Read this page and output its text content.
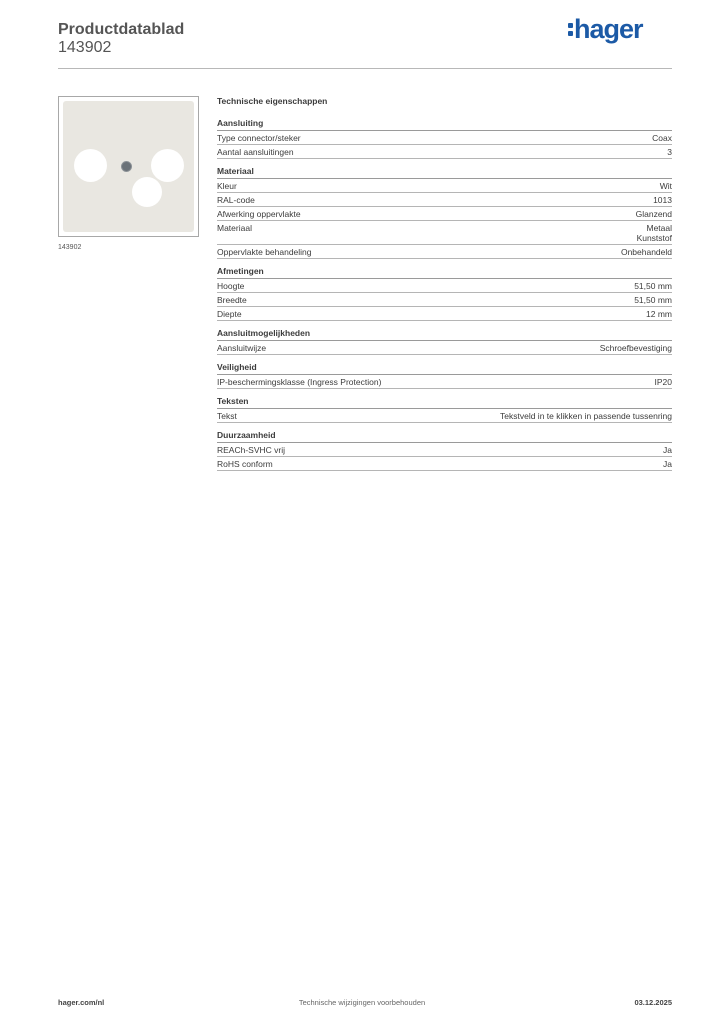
Productdatablad
143902
hager
143902
Technische eigenschappen
Aansluiting
Type connector/steker	Coax
Aantal aansluitingen	3
Materiaal
Kleur	Wit
RAL-code	1013
Afwerking oppervlakte	Glanzend
Materiaal	Metaal
Kunststof
Oppervlakte behandeling	Onbehandeld
Afmetingen
Hoogte	51,50 mm
Breedte	51,50 mm
Diepte	12 mm
Aansluitmogelijkheden
Aansluitwijze	Schroefbevestiging
Veiligheid
IP-beschermingsklasse (Ingress Protection)	IP20
Teksten
Tekst	Tekstveld in te klikken in passende tussenring
Duurzaamheid
REACh-SVHC vrij	Ja
RoHS conform	Ja
hager.com/nl	Technische wijzigingen voorbehouden	03.12.2025
